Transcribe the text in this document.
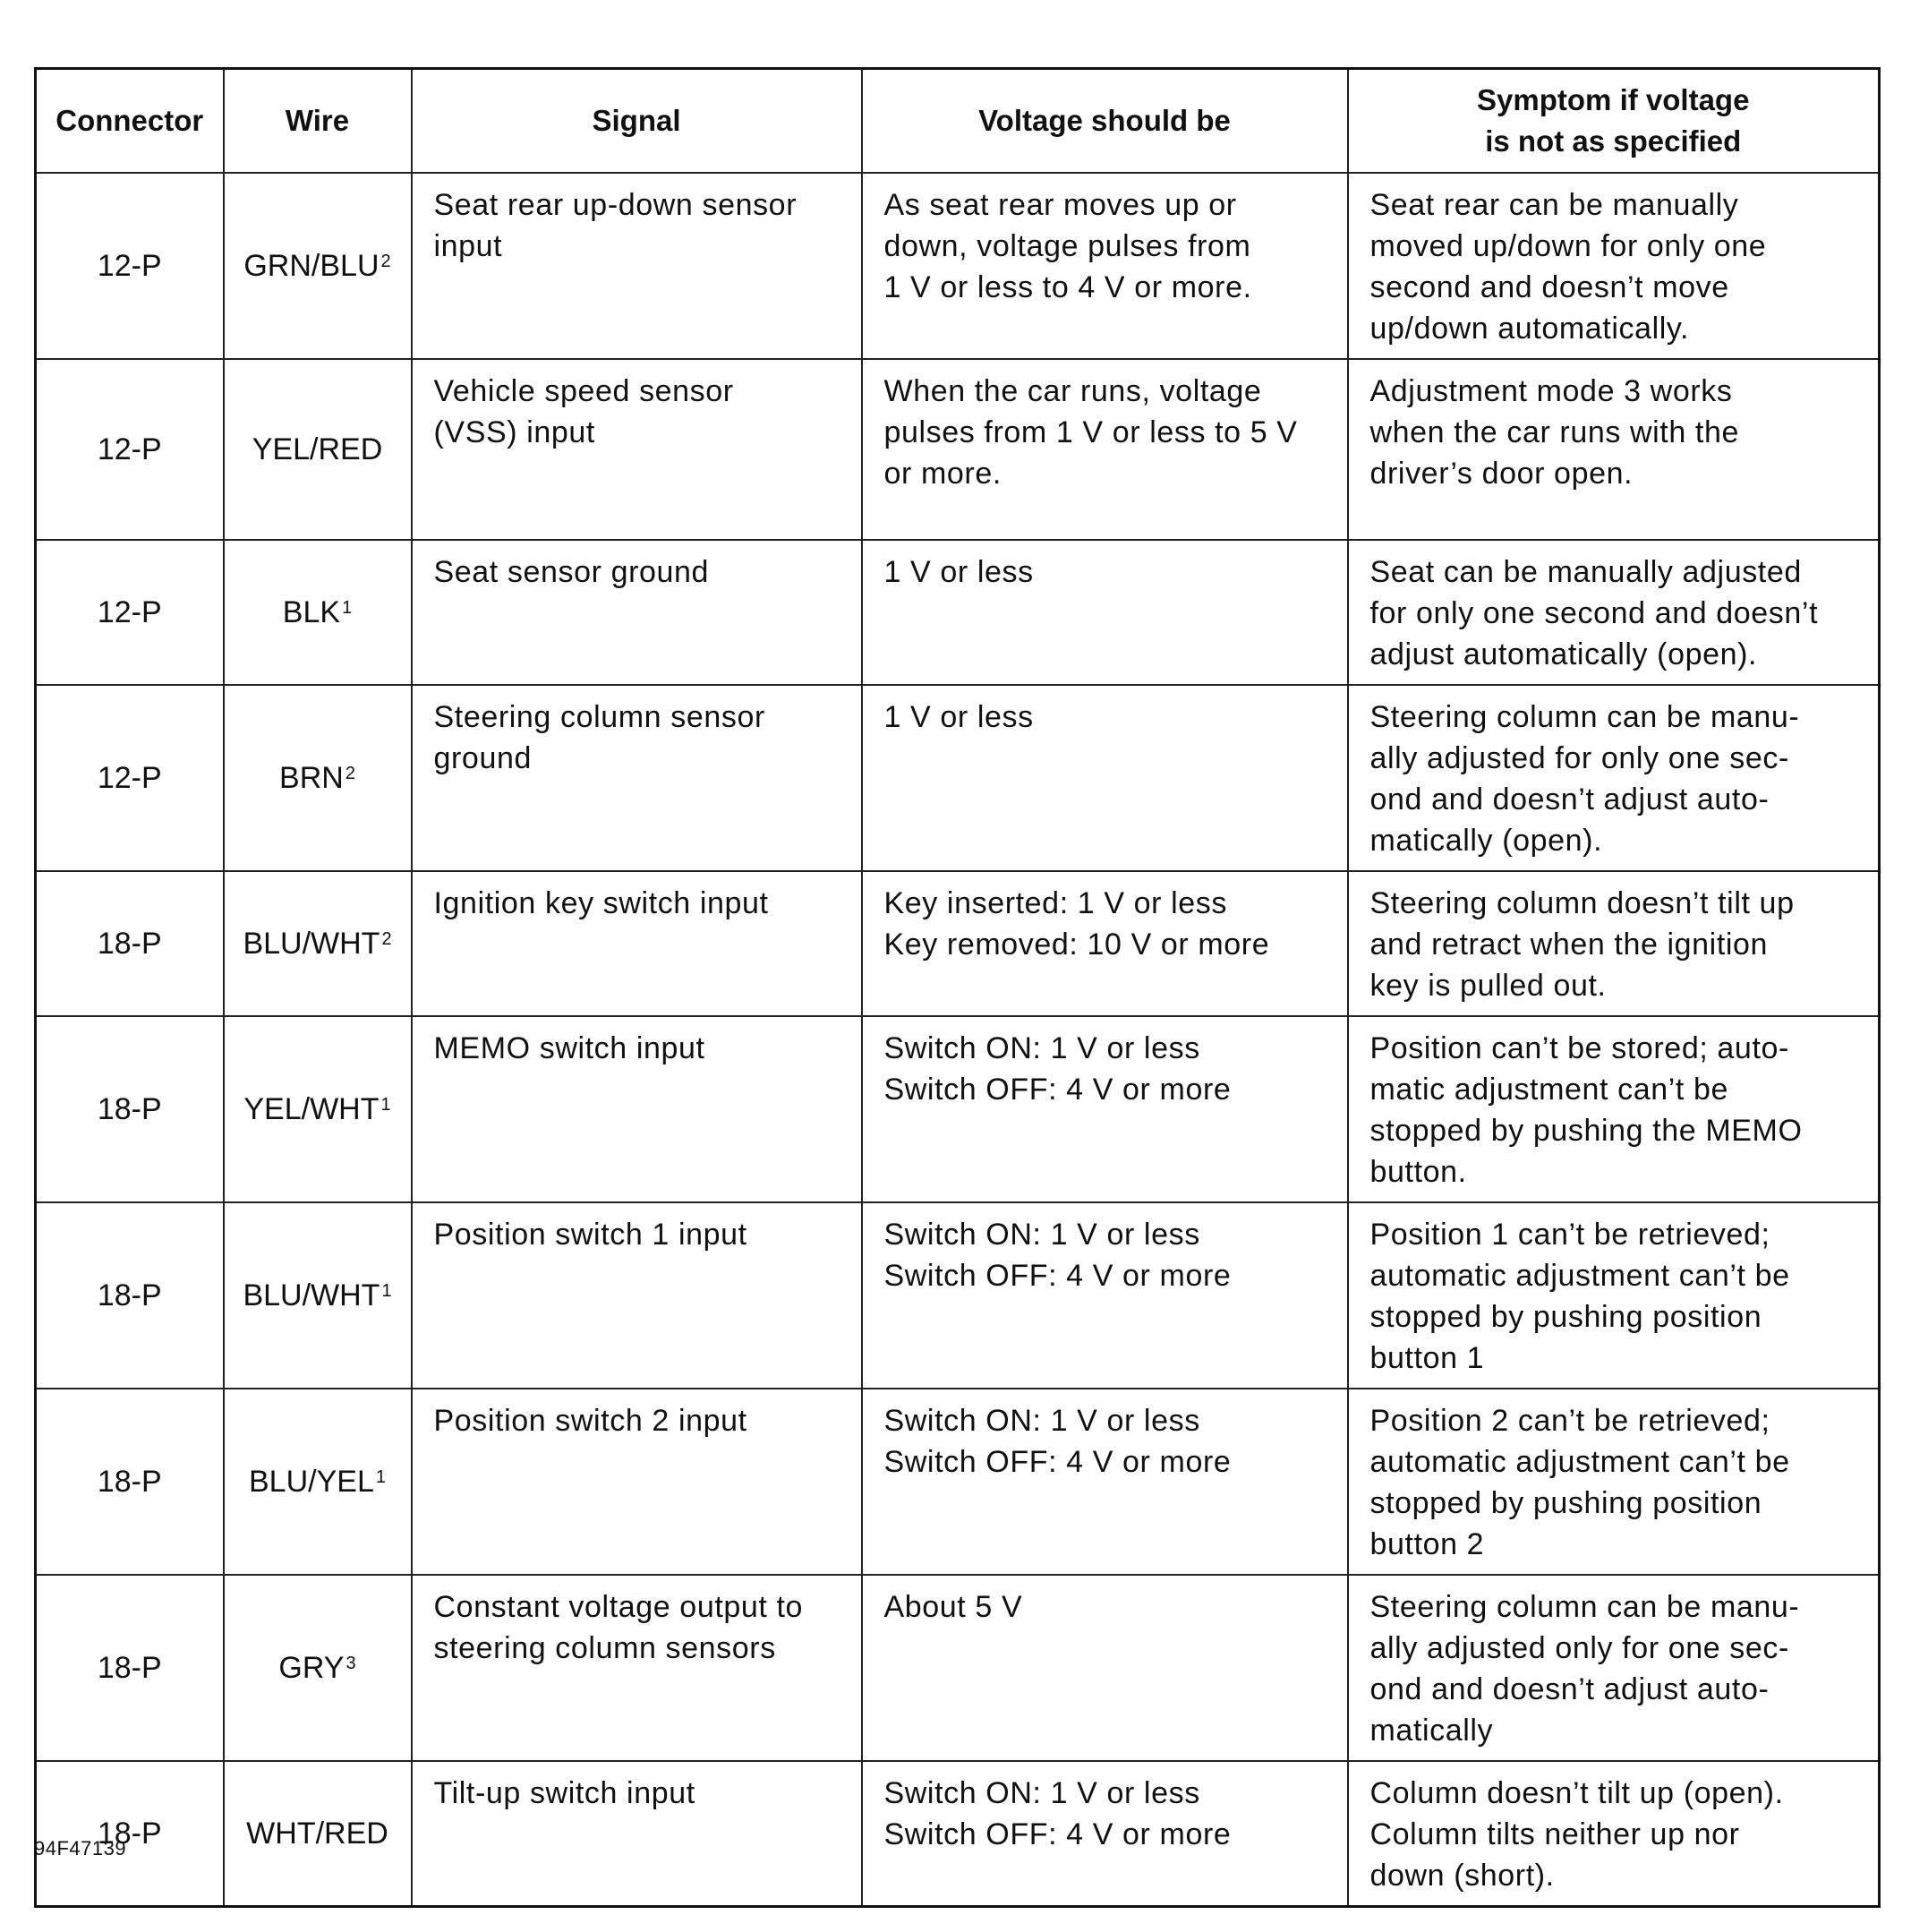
Connector	Wire	Signal	Voltage should be	Symptom if voltage
is not as specified
12-P	GRN/BLU $^2$	Seat rear up-down sensor
input	As seat rear moves up or
down, voltage pulses from
1 V or less to 4 V or more.	Seat rear can be manually
moved up/down for only one
second and doesn’t move
up/down automatically.
12-P	YEL/RED	Vehicle speed sensor
(VSS) input	When the car runs, voltage
pulses from 1 V or less to 5 V
or more.	Adjustment mode 3 works
when the car runs with the
driver’s door open.
12-P	BLK $^1$	Seat sensor ground	1 V or less	Seat can be manually adjusted
for only one second and doesn’t
adjust automatically (open).
12-P	BRN $^2$	Steering column sensor
ground	1 V or less	Steering column can be manu-
ally adjusted for only one sec-
ond and doesn’t adjust auto-
matically (open).
18-P	BLU/WHT $^2$	Ignition key switch input	Key inserted: 1 V or less
Key removed: 10 V or more	Steering column doesn’t tilt up
and retract when the ignition
key is pulled out.
18-P	YEL/WHT $^1$	MEMO switch input	Switch ON: 1 V or less
Switch OFF: 4 V or more	Position can’t be stored; auto-
matic adjustment can’t be
stopped by pushing the MEMO
button.
18-P	BLU/WHT $^1$	Position switch 1 input	Switch ON: 1 V or less
Switch OFF: 4 V or more	Position 1 can’t be retrieved;
automatic adjustment can’t be
stopped by pushing position
button 1
18-P	BLU/YEL $^1$	Position switch 2 input	Switch ON: 1 V or less
Switch OFF: 4 V or more	Position 2 can’t be retrieved;
automatic adjustment can’t be
stopped by pushing position
button 2
18-P	GRY $^3$	Constant voltage output to
steering column sensors	About 5 V	Steering column can be manu-
ally adjusted only for one sec-
ond and doesn’t adjust auto-
matically
18-P	WHT/RED	Tilt-up switch input	Switch ON: 1 V or less
Switch OFF: 4 V or more	Column doesn’t tilt up (open).
Column tilts neither up nor
down (short).
94F47139
